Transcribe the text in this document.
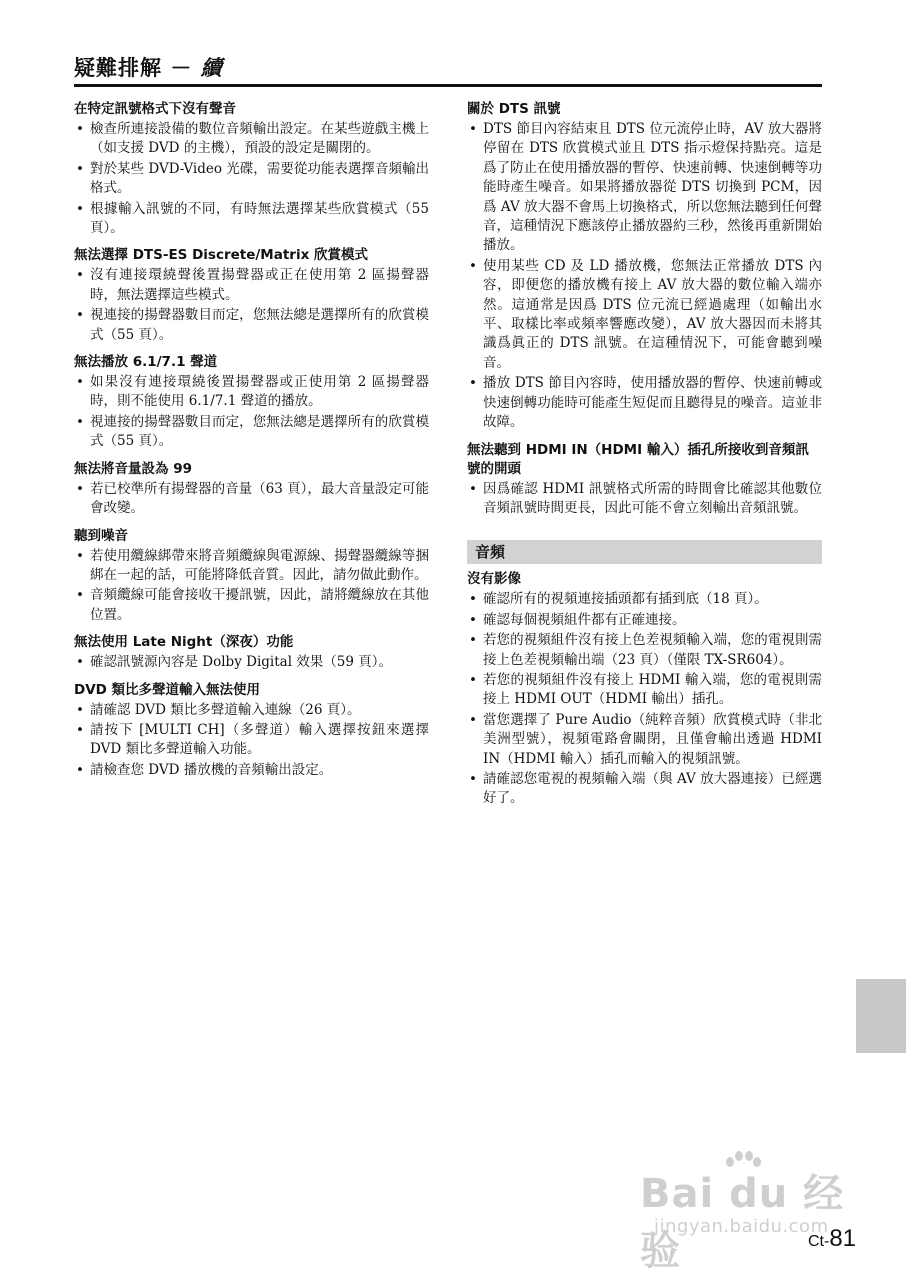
疑難排解 － 續
在特定訊號格式下沒有聲音
• 檢查所連接設備的數位音頻輸出設定。在某些遊戲主機上（如支援 DVD 的主機），預設的設定是關閉的。
• 對於某些 DVD-Video 光碟，需要從功能表選擇音頻輸出格式。
• 根據輸入訊號的不同，有時無法選擇某些欣賞模式（55 頁）。
無法選擇 DTS-ES Discrete/Matrix 欣賞模式
• 沒有連接環繞聲後置揚聲器或正在使用第 2 區揚聲器時，無法選擇這些模式。
• 視連接的揚聲器數目而定，您無法總是選擇所有的欣賞模式（55 頁）。
無法播放 6.1/7.1 聲道
• 如果沒有連接環繞後置揚聲器或正使用第 2 區揚聲器時，則不能使用 6.1/7.1 聲道的播放。
• 視連接的揚聲器數目而定，您無法總是選擇所有的欣賞模式（55 頁）。
無法將音量設為 99
• 若已校準所有揚聲器的音量（63 頁），最大音量設定可能會改變。
聽到噪音
• 若使用纜線綁帶來將音頻纜線與電源線、揚聲器纜線等捆綁在一起的話，可能將降低音質。因此，請勿做此動作。
• 音頻纜線可能會接收干擾訊號，因此，請將纜線放在其他位置。
無法使用 Late Night（深夜）功能
• 確認訊號源內容是 Dolby Digital 效果（59 頁）。
DVD 類比多聲道輸入無法使用
• 請確認 DVD 類比多聲道輸入連線（26 頁）。
• 請按下 [MULTI CH]（多聲道）輸入選擇按鈕來選擇 DVD 類比多聲道輸入功能。
• 請檢查您 DVD 播放機的音頻輸出設定。
關於 DTS 訊號
• DTS 節目內容結束且 DTS 位元流停止時，AV 放大器將停留在 DTS 欣賞模式並且 DTS 指示燈保持點亮。這是爲了防止在使用播放器的暫停、快速前轉、快速倒轉等功能時產生噪音。如果將播放器從 DTS 切換到 PCM，因爲 AV 放大器不會馬上切換格式，所以您無法聽到任何聲音，這種情況下應該停止播放器約三秒，然後再重新開始播放。
• 使用某些 CD 及 LD 播放機，您無法正常播放 DTS 內容，即便您的播放機有接上 AV 放大器的數位輸入端亦然。這通常是因爲 DTS 位元流已經過處理（如輸出水平、取樣比率或頻率響應改變），AV 放大器因而未將其識爲眞正的 DTS 訊號。在這種情況下，可能會聽到噪音。
• 播放 DTS 節目內容時，使用播放器的暫停、快速前轉或快速倒轉功能時可能產生短促而且聽得見的噪音。這並非故障。
無法聽到 HDMI IN（HDMI 輸入）插孔所接收到音頻訊號的開頭
• 因爲確認 HDMI 訊號格式所需的時間會比確認其他數位音頻訊號時間更長，因此可能不會立刻輸出音頻訊號。
音頻
沒有影像
• 確認所有的視頻連接插頭都有插到底（18 頁）。
• 確認每個視頻組件都有正確連接。
• 若您的視頻組件沒有接上色差視頻輸入端，您的電視則需接上色差視頻輸出端（23 頁）（僅限 TX-SR604）。
• 若您的視頻組件沒有接上 HDMI 輸入端，您的電視則需接上 HDMI OUT（HDMI 輸出）插孔。
• 當您選擇了 Pure Audio（純粹音頻）欣賞模式時（非北美洲型號），視頻電路會關閉，且僅會輸出透過 HDMI IN（HDMI 輸入）插孔而輸入的視頻訊號。
• 請確認您電視的視頻輸入端（與 AV 放大器連接）已經選好了。
Bai du 经验
jingyan.baidu.com
Ct-81
